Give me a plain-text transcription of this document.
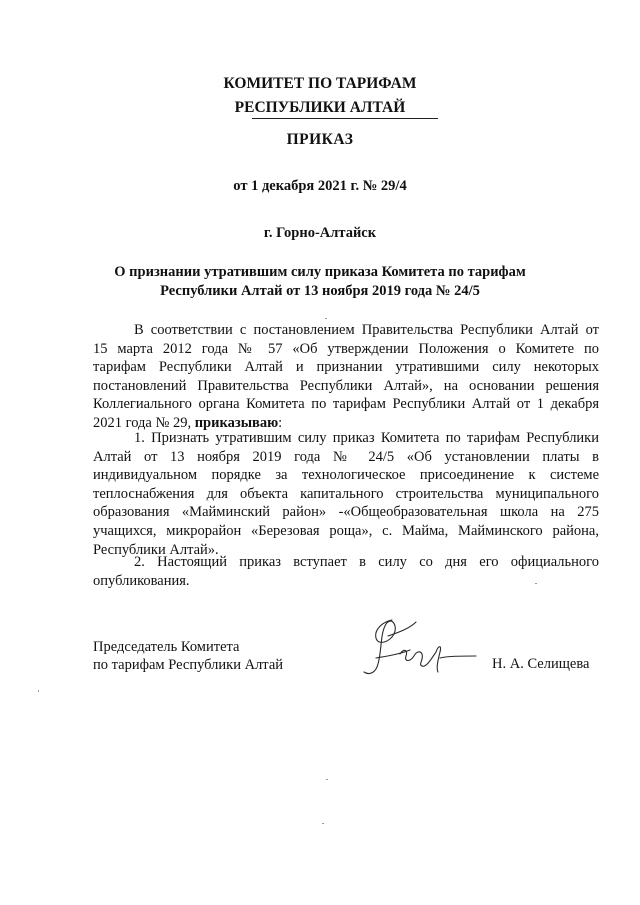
КОМИТЕТ ПО ТАРИФАМ
РЕСПУБЛИКИ АЛТАЙ
ПРИКАЗ
от 1 декабря 2021 г. № 29/4
г. Горно-Алтайск
О признании утратившим силу приказа Комитета по тарифам
Республики Алтай от 13 ноября 2019 года № 24/5
В соответствии с постановлением Правительства Республики Алтай от
15 марта 2012 года № 57 «Об утверждении Положения о Комитете по
тарифам Республики Алтай и признании утратившими силу некоторых
постановлений Правительства Республики Алтай», на основании решения
Коллегиального органа Комитета по тарифам Республики Алтай от 1 декабря
2021 года № 29, приказываю:
1. Признать утратившим силу приказ Комитета по тарифам Республики
Алтай от 13 ноября 2019 года № 24/5 «Об установлении платы в
индивидуальном порядке за технологическое присоединение к системе
теплоснабжения для объекта капитального строительства муниципального
образования «Майминский район» -«Общеобразовательная школа на 275
учащихся, микрорайон «Березовая роща», с. Майма, Майминского района,
Республики Алтай».
2. Настоящий приказ вступает в силу со дня его официального
опубликования.
Председатель Комитета
по тарифам Республики Алтай	Н. А. Селищева
